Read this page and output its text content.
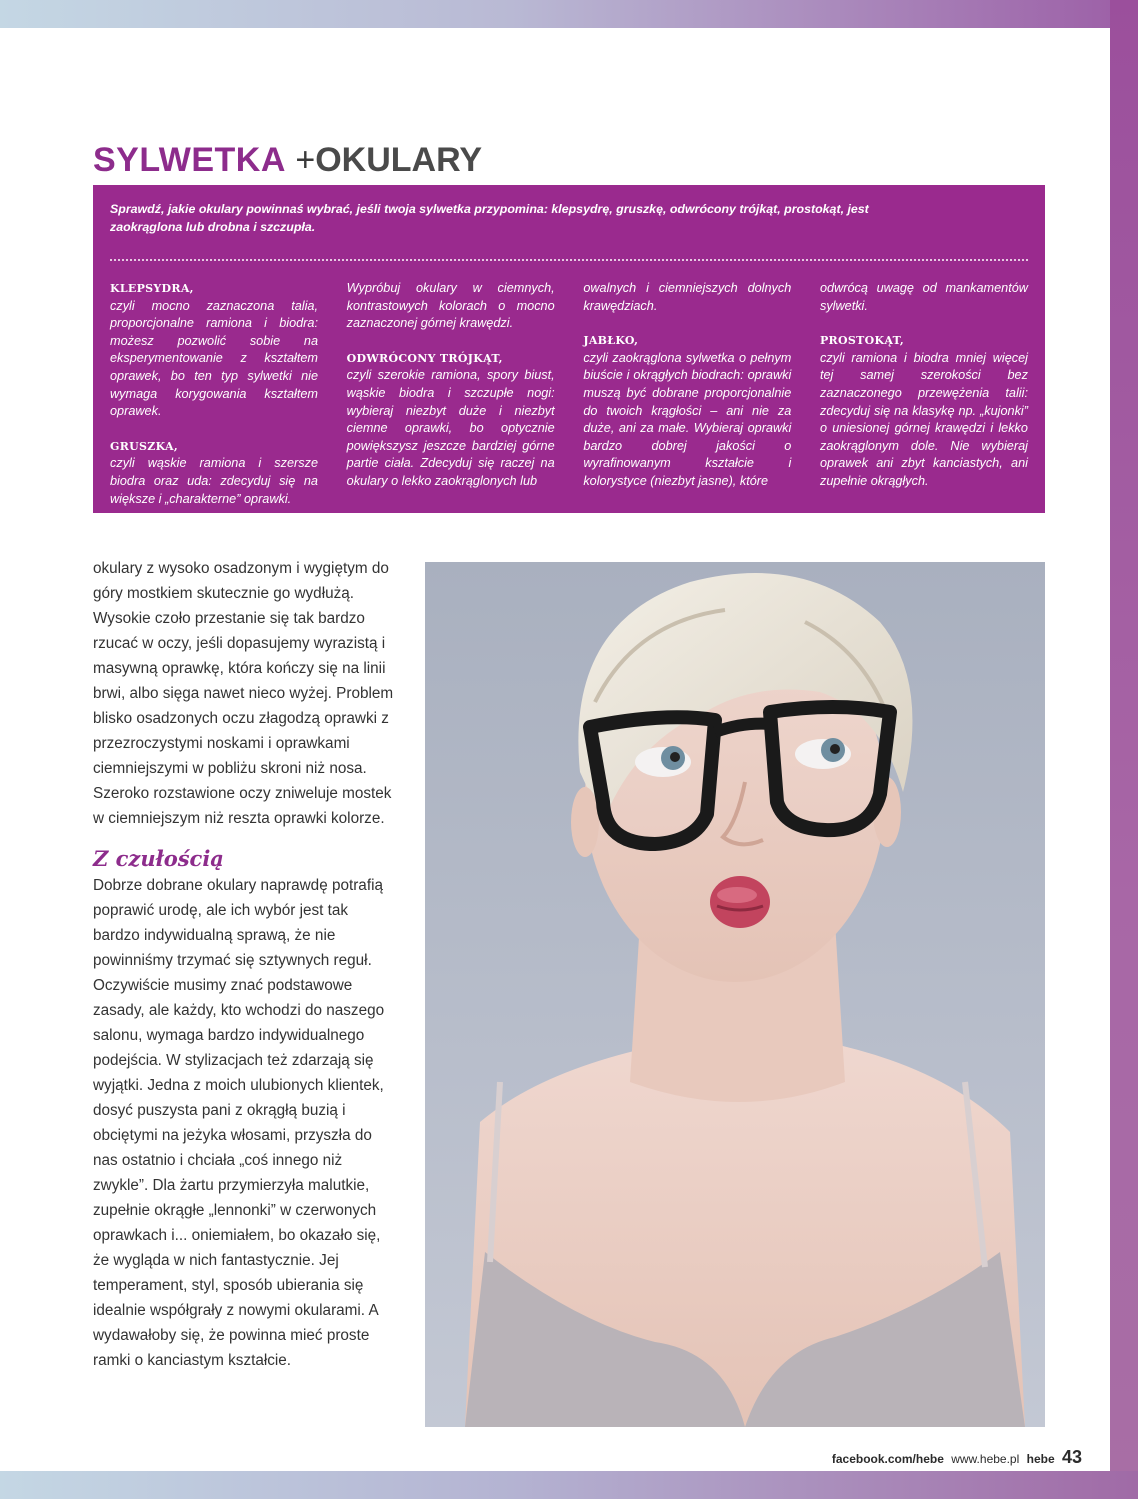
SYLWETKA +OKULARY
Sprawdź, jakie okulary powinnaś wybrać, jeśli twoja sylwetka przypomina: klepsydrę, gruszkę, odwrócony trójkąt, prostokąt, jest zaokrąglona lub drobna i szczupła.

KLEPSYDRA,
czyli mocno zaznaczona talia, proporcjonalne ramiona i biodra: możesz pozwolić sobie na eksperymentowanie z kształtem oprawek, bo ten typ sylwetki nie wymaga korygowania kształtem oprawek.

GRUSZKA,
czyli wąskie ramiona i szersze biodra oraz uda: zdecyduj się na większe i „charakterne” oprawki.

Wypróbuj okulary w ciemnych, kontrastowych kolorach o mocno zaznaczonej górnej krawędzi.

ODWRÓCONY TRÓJKĄT,
czyli szerokie ramiona, spory biust, wąskie biodra i szczupłe nogi: wybieraj niezbyt duże i niezbyt ciemne oprawki, bo optycznie powiększysz jeszcze bardziej górne partie ciała. Zdecyduj się raczej na okulary o lekko zaokrąglonych lub

owalnych i ciemniejszych dolnych krawędziach.

JABŁKO,
czyli zaokrąglona sylwetka o pełnym biuście i okrągłych biodrach: oprawki muszą być dobrane proporcjonalnie do twoich krągłości – ani nie za duże, ani za małe. Wybieraj oprawki bardzo dobrej jakości o wyrafinowanym kształcie i kolorystyce (niezbyt jasne), które

odwrócą uwagę od mankamentów sylwetki.

PROSTOKĄT,
czyli ramiona i biodra mniej więcej tej samej szerokości bez zaznaczonego przewężenia talii: zdecyduj się na klasykę np. „kujonki” o uniesionej górnej krawędzi i lekko zaokrąglonym dole. Nie wybieraj oprawek ani zbyt kanciastych, ani zupełnie okrągłych.

okulary z wysoko osadzonym i wygiętym do góry mostkiem skutecznie go wydłużą. Wysokie czoło przestanie się tak bardzo rzucać w oczy, jeśli dopasujemy wyrazistą i masywną oprawkę, która kończy się na linii brwi, albo sięga nawet nieco wyżej. Problem blisko osadzonych oczu złagodzą oprawki z przezroczystymi noskami i oprawkami ciemniejszymi w pobliżu skroni niż nosa. Szeroko rozstawione oczy zniweluje mostek w ciemniejszym niż reszta oprawki kolorze.

Z czułością

Dobrze dobrane okulary naprawdę potrafią poprawić urodę, ale ich wybór jest tak bardzo indywidualną sprawą, że nie powinniśmy trzymać się sztywnych reguł. Oczywiście musimy znać podstawowe zasady, ale każdy, kto wchodzi do naszego salonu, wymaga bardzo indywidualnego podejścia. W stylizacjach też zdarzają się wyjątki. Jedna z moich ulubionych klientek, dosyć puszysta pani z okrągłą buzią i obciętymi na jeżyka włosami, przyszła do nas ostatnio i chciała „coś innego niż zwykle”. Dla żartu przymierzyła malutkie, zupełnie okrągłe „lennonki” w czerwonych oprawkach i... oniemiałem, bo okazało się, że wygląda w nich fantastycznie. Jej temperament, styl, sposób ubierania się idealnie współgrały z nowymi okularami. A wydawałoby się, że powinna mieć proste ramki o kanciastym kształcie.

facebook.com/hebe www.hebe.pl hebe 43
